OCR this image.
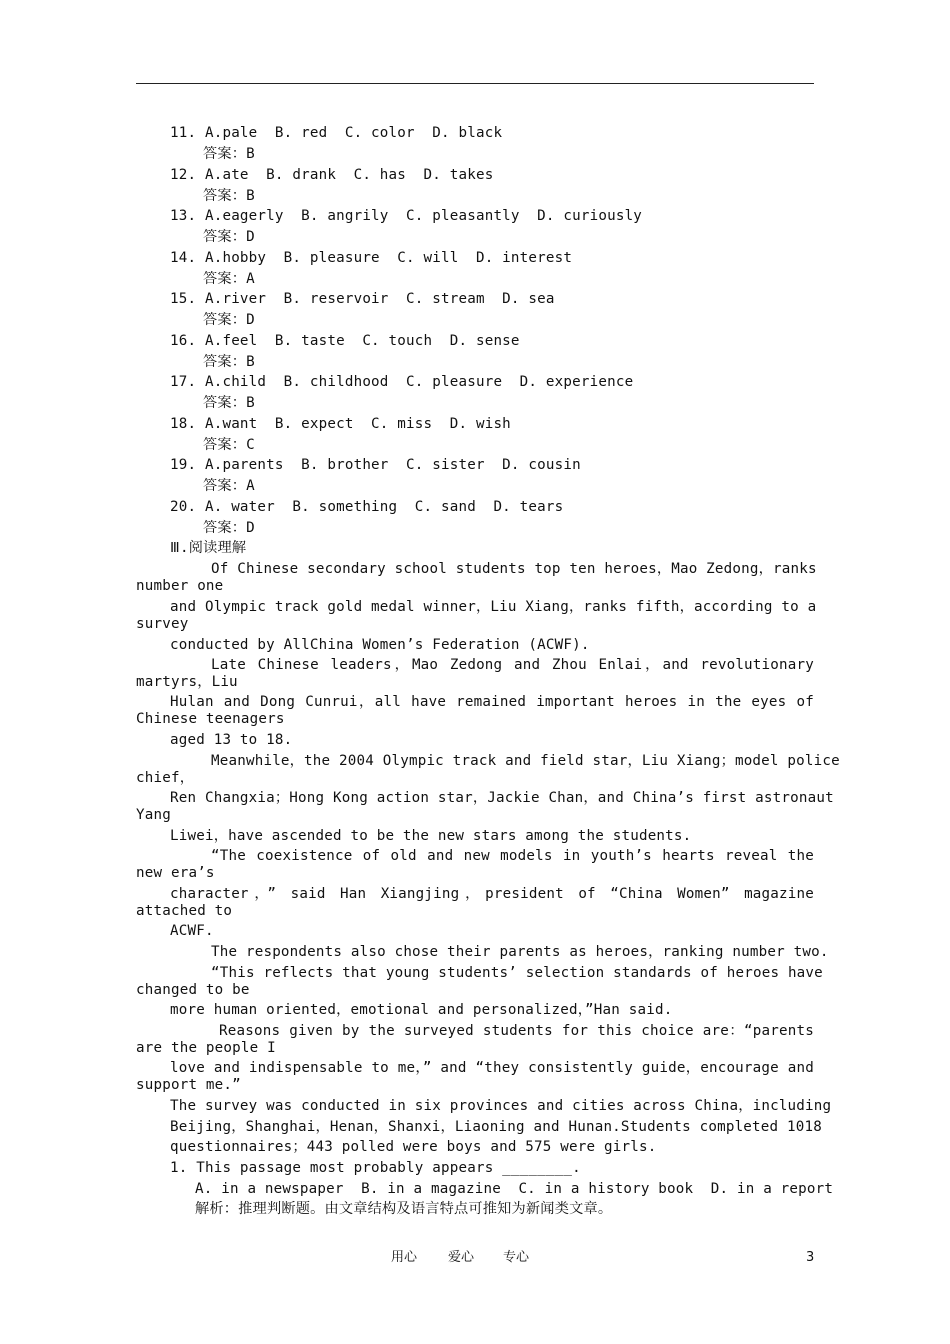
11. A.pale  B. red  C. color  D. black
答案：B
12. A.ate  B. drank  C. has  D. takes
答案：B
13. A.eagerly  B. angrily  C. pleasantly  D. curiously
答案：D
14. A.hobby  B. pleasure  C. will  D. interest
答案：A
15. A.river  B. reservoir  C. stream  D. sea
答案：D
16. A.feel  B. taste  C. touch  D. sense
答案：B
17. A.child  B. childhood  C. pleasure  D. experience
答案：B
18. A.want  B. expect  C. miss  D. wish
答案：C
19. A.parents  B. brother  C. sister  D. cousin
答案：A
20. A. water  B. something  C. sand  D. tears
答案：D
Ⅲ.阅读理解
Of Chinese secondary school students top ten heroes，Mao Zedong，ranks
number one
and Olympic track gold medal winner，Liu Xiang，ranks fifth，according to a
survey
conducted by AllChina Women’s Federation (ACWF).
Late Chinese leaders，Mao Zedong and Zhou Enlai，and revolutionary
martyrs，Liu
Hulan and Dong Cunrui，all have remained important heroes in the eyes of
Chinese teenagers
aged 13 to 18.
Meanwhile，the 2004 Olympic track and field star，Liu Xiang；model police
chief，
Ren Changxia；Hong Kong action star，Jackie Chan，and China’s first astronaut
Yang
Liwei，have ascended to be the new stars among the students.
“The coexistence of old and new models in youth’s hearts reveal the
new era’s
character，” said Han Xiangjing，president of “China Women” magazine
attached to
ACWF.
The respondents also chose their parents as heroes，ranking number two.
“This reflects that young students’ selection standards of heroes have
changed to be
more human oriented，emotional and personalized，”Han said.
Reasons given by the surveyed students for this choice are：“parents
are the people I
love and indispensable to me，” and “they consistently guide，encourage and
support me.”
The survey was conducted in six provinces and cities across China，including
Beijing，Shanghai，Henan，Shanxi，Liaoning and Hunan.Students completed 1018
questionnaires；443 polled were boys and 575 were girls.
1. This passage most probably appears ________.
A. in a newspaper  B. in a magazine  C. in a history book  D. in a report
解析：推理判断题。由文章结构及语言特点可推知为新闻类文章。
用心 爱心 专心	3
